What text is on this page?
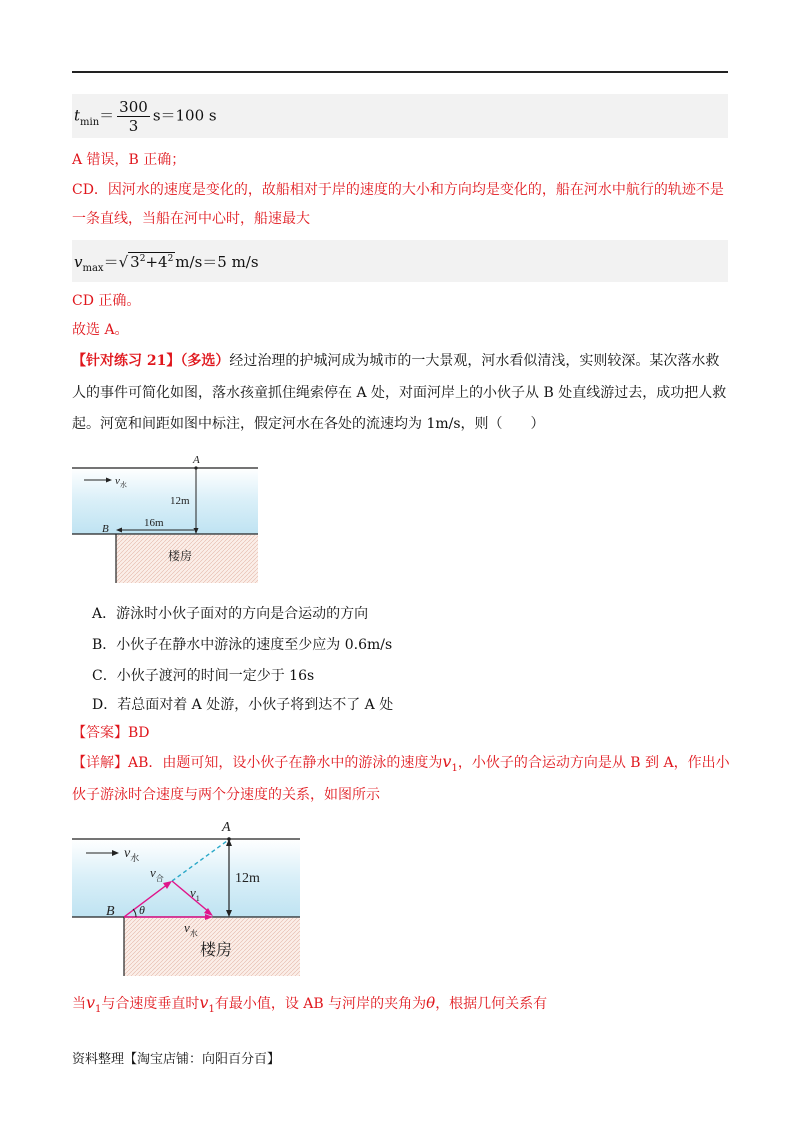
$t_{min}= \frac{300}{3} s=100$ s
A 错误，B 正确；
CD．因河水的速度是变化的，故船相对于岸的速度的大小和方向均是变化的，船在河水中航行的轨迹不是
一条直线，当船在河中心时，船速最大
$v_{max}=√$ $3^2+4^2$ m/s＝5 m/s
CD 正确。
故选 A。
【针对练习 21】（多选）经过治理的护城河成为城市的一大景观，河水看似清浅，实则较深。某次落水救
人的事件可简化如图，落水孩童抓住绳索停在 A 处，对面河岸上的小伙子从 B 处直线游过去，成功把人救
起。河宽和间距如图中标注，假定河水在各处的流速均为 1m/s，则（　　）
$v_水$
A
12m
16m
B
楼房
A．游泳时小伙子面对的方向是合运动的方向
B．小伙子在静水中游泳的速度至少应为 0.6m/s
C．小伙子渡河的时间一定少于 16s
D．若总面对着 A 处游，小伙子将到达不了 A 处
【答案】BD
【详解】AB．由题可知，设小伙子在静水中的游泳的速度为$v_1$，小伙子的合运动方向是从 B 到 A，作出小
伙子游泳时合速度与两个分速度的关系，如图所示
$v_水$
θ
A
12m
$v_合$
$v_1$
B
$v_水$
楼房
当$v_1$与合速度垂直时$v_1$有最小值，设 AB 与河岸的夹角为θ，根据几何关系有
资料整理【淘宝店铺：向阳百分百】
